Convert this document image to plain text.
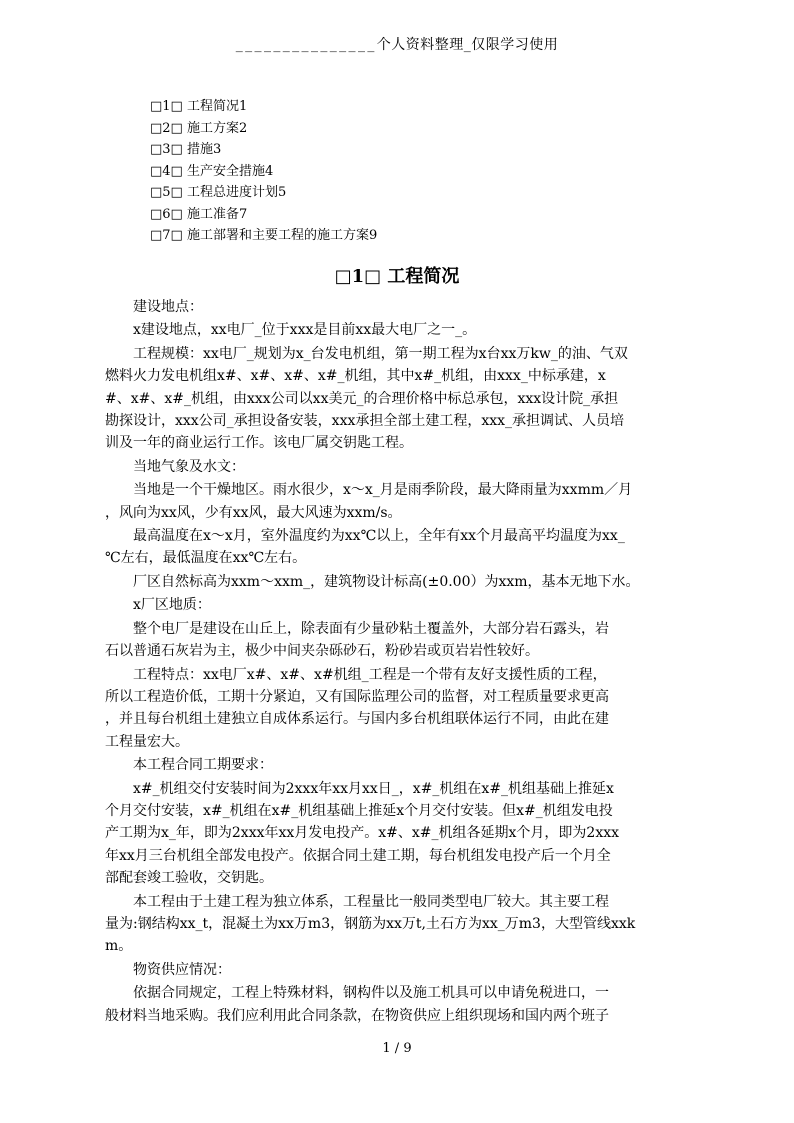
_______________个人资料整理_仅限学习使用
□1□ 工程简况1
□2□ 施工方案2
□3□ 措施3
□4□ 生产安全措施4
□5□ 工程总进度计划5
□6□ 施工准备7
□7□ 施工部署和主要工程的施工方案9
□1□ 工程简况

建设地点：

x建设地点，xx电厂_位于xxx是目前xx最大电厂之一_。

工程规模：xx电厂_规划为x_台发电机组，第一期工程为x台xx万kw_的油、气双
燃料火力发电机组x#、x#、x#、x#_机组，其中x#_机组，由xxx_中标承建，x
#、x#、x#_机组，由xxx公司以xx美元_的合理价格中标总承包，xxx设计院_承担
勘探设计，xxx公司_承担设备安装，xxx承担全部土建工程，xxx_承担调试、人员培
训及一年的商业运行工作。该电厂属交钥匙工程。

当地气象及水文：

当地是一个干燥地区。雨水很少，x～x_月是雨季阶段，最大降雨量为xxmm／月
，风向为xx风，少有xx风，最大风速为xxm/s。

最高温度在x～x月，室外温度约为xx℃以上，全年有xx个月最高平均温度为xx_
℃左右，最低温度在xx℃左右。

厂区自然标高为xxm～xxm_，建筑物设计标高(±0.00）为xxm，基本无地下水。

x厂区地质：

整个电厂是建设在山丘上，除表面有少量砂粘土覆盖外，大部分岩石露头，岩
石以普通石灰岩为主，极少中间夹杂砾砂石，粉砂岩或页岩岩性较好。

工程特点：xx电厂x#、x#、x#机组_工程是一个带有友好支援性质的工程，
所以工程造价低，工期十分紧迫，又有国际监理公司的监督，对工程质量要求更高
，并且每台机组土建独立自成体系运行。与国内多台机组联体运行不同，由此在建
工程量宏大。

本工程合同工期要求：

x#_机组交付安装时间为2xxx年xx月xx日_，x#_机组在x#_机组基础上推延x
个月交付安装，x#_机组在x#_机组基础上推延x个月交付安装。但x#_机组发电投
产工期为x_年，即为2xxx年xx月发电投产。x#、x#_机组各延期x个月，即为2xxx
年xx月三台机组全部发电投产。依据合同土建工期，每台机组发电投产后一个月全
部配套竣工验收，交钥匙。

本工程由于土建工程为独立体系，工程量比一般同类型电厂较大。其主要工程
量为:钢结构xx_t，混凝土为xx万m3，钢筋为xx万t,土石方为xx_万m3，大型管线xxk
m。

物资供应情况：

依据合同规定，工程上特殊材料，钢构件以及施工机具可以申请免税进口，一
般材料当地采购。我们应利用此合同条款，在物资供应上组织现场和国内两个班子

1 / 9
